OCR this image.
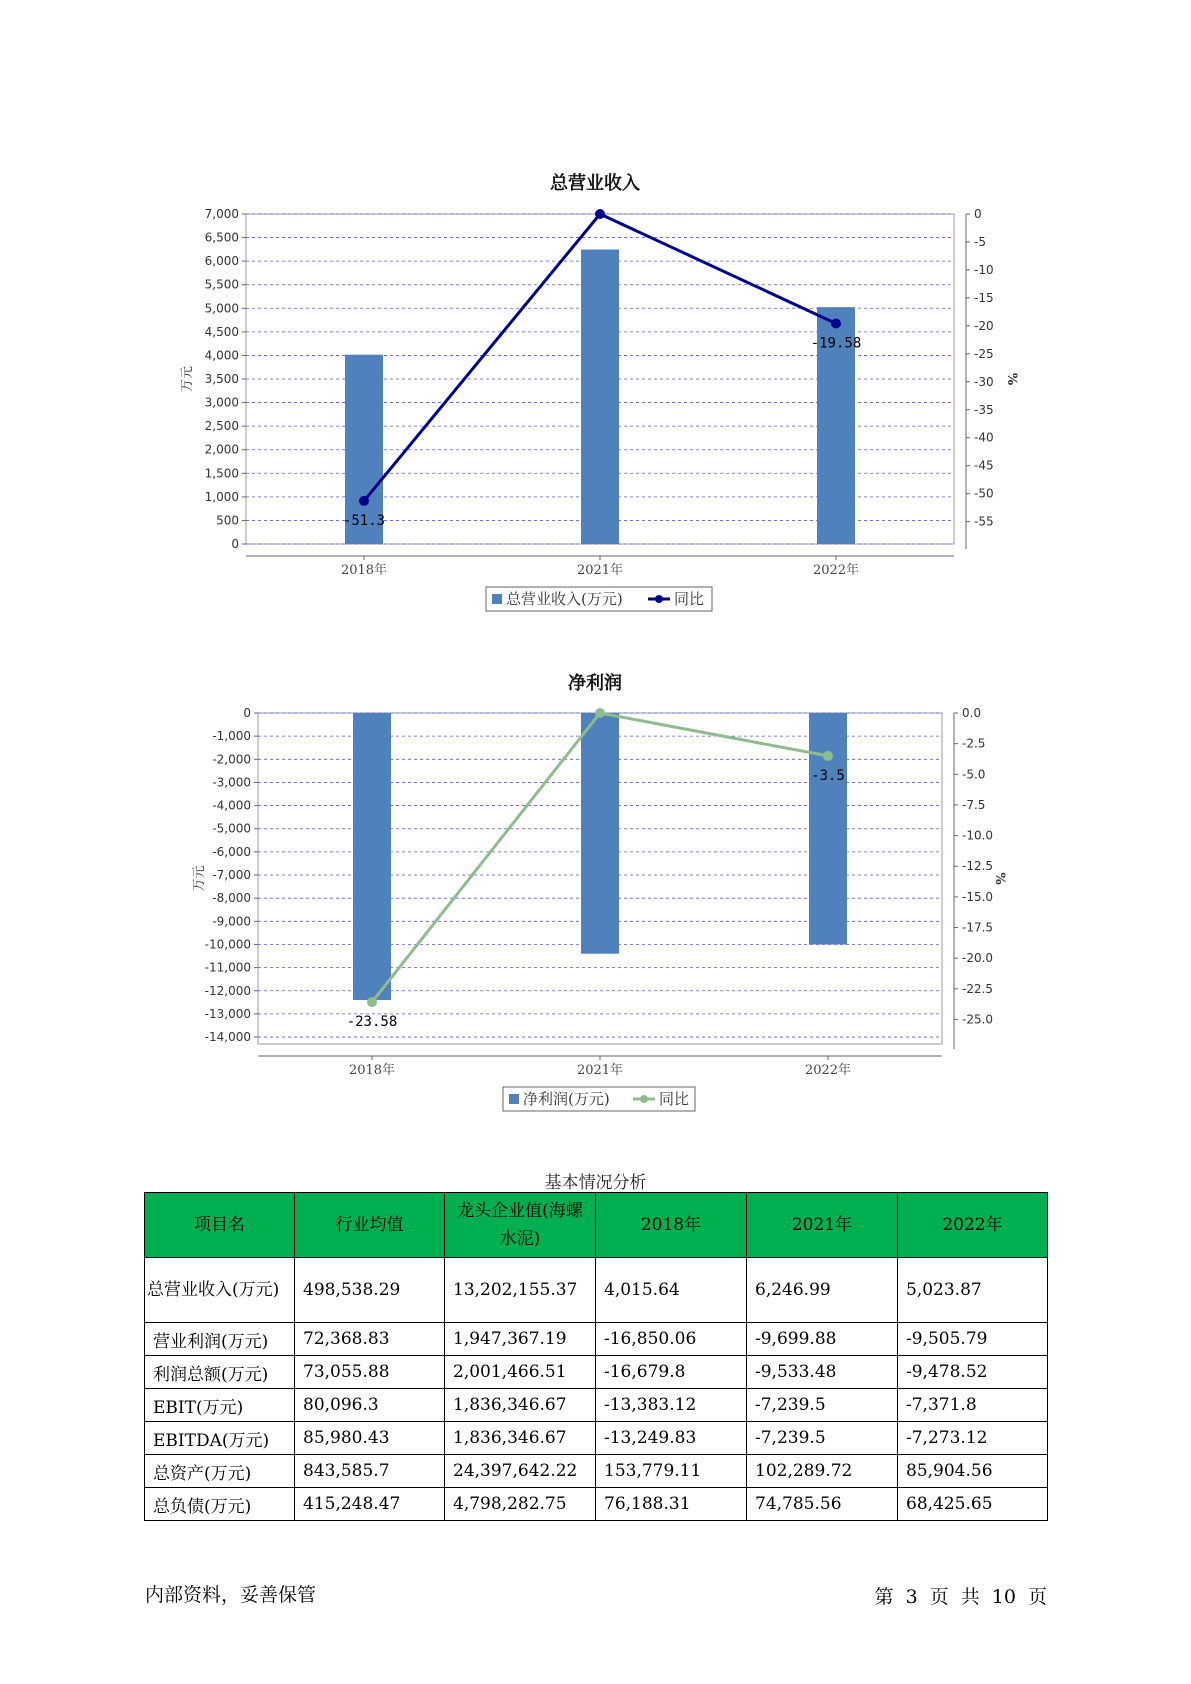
总营业收入
0
500
1,000
1,500
2,000
2,500
3,000
3,500
4,000
4,500
5,000
5,500
6,000
6,500
7,000	0
-5
-10
-15
-20
-25
-30
-35
-40
-45
-50
-55
万元	%
2018年	2021年	2022年
-51.3
-19.58
总营业收入(万元)	同比
净利润
0
-1,000
-2,000
-3,000
-4,000
-5,000
-6,000
-7,000
-8,000
-9,000
-10,000
-11,000
-12,000
-13,000
-14,000
0.0
-2.5
-5.0
-7.5
-10.0
-12.5
-15.0
-17.5
-20.0
-22.5
-25.0
万元	%
2018年	2021年	2022年
-23.58
-3.5
净利润(万元)	同比
基本情况分析
项目名	行业均值	龙头企业值(海螺水泥)	2018年	2021年	2022年
总营业收入(万元)	498,538.29	13,202,155.37	4,015.64	6,246.99	5,023.87
营业利润(万元)	72,368.83	1,947,367.19	-16,850.06	-9,699.88	-9,505.79
利润总额(万元)	73,055.88	2,001,466.51	-16,679.8	-9,533.48	-9,478.52
EBIT(万元)	80,096.3	1,836,346.67	-13,383.12	-7,239.5	-7,371.8
EBITDA(万元)	85,980.43	1,836,346.67	-13,249.83	-7,239.5	-7,273.12
总资产(万元)	843,585.7	24,397,642.22	153,779.11	102,289.72	85,904.56
总负债(万元)	415,248.47	4,798,282.75	76,188.31	74,785.56	68,425.65
内部资料，妥善保管	第 3 页 共 10 页
